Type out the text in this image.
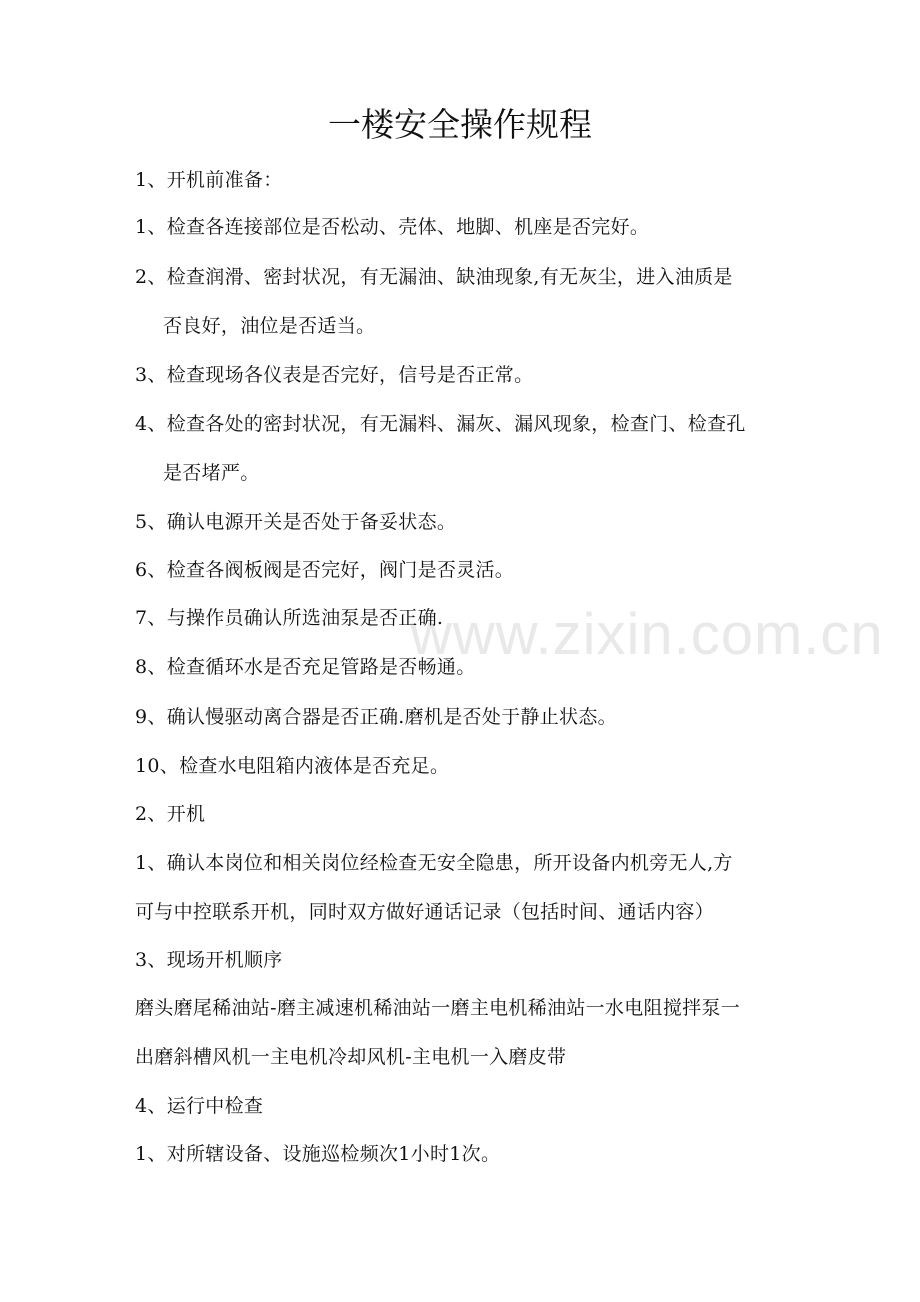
www.zixin.com.cn
一楼安全操作规程
1、开机前准备：
1、检查各连接部位是否松动、壳体、地脚、机座是否完好。
2、检查润滑、密封状况，有无漏油、缺油现象,有无灰尘，进入油质是
否良好，油位是否适当。
3、检查现场各仪表是否完好，信号是否正常。
4、检查各处的密封状况，有无漏料、漏灰、漏风现象，检查门、检查孔
是否堵严。
5、确认电源开关是否处于备妥状态。
6、检查各阀板阀是否完好，阀门是否灵活。
7、与操作员确认所选油泵是否正确.
8、检查循环水是否充足管路是否畅通。
9、确认慢驱动离合器是否正确.磨机是否处于静止状态。
10、检查水电阻箱内液体是否充足。
2、开机
1、确认本岗位和相关岗位经检查无安全隐患，所开设备内机旁无人,方
可与中控联系开机，同时双方做好通话记录（包括时间、通话内容）
3、现场开机顺序
磨头磨尾稀油站-磨主减速机稀油站一磨主电机稀油站一水电阻搅拌泵一
出磨斜槽风机一主电机冷却风机-主电机一入磨皮带
4、运行中检查
1、对所辖设备、设施巡检频次1小时1次。
